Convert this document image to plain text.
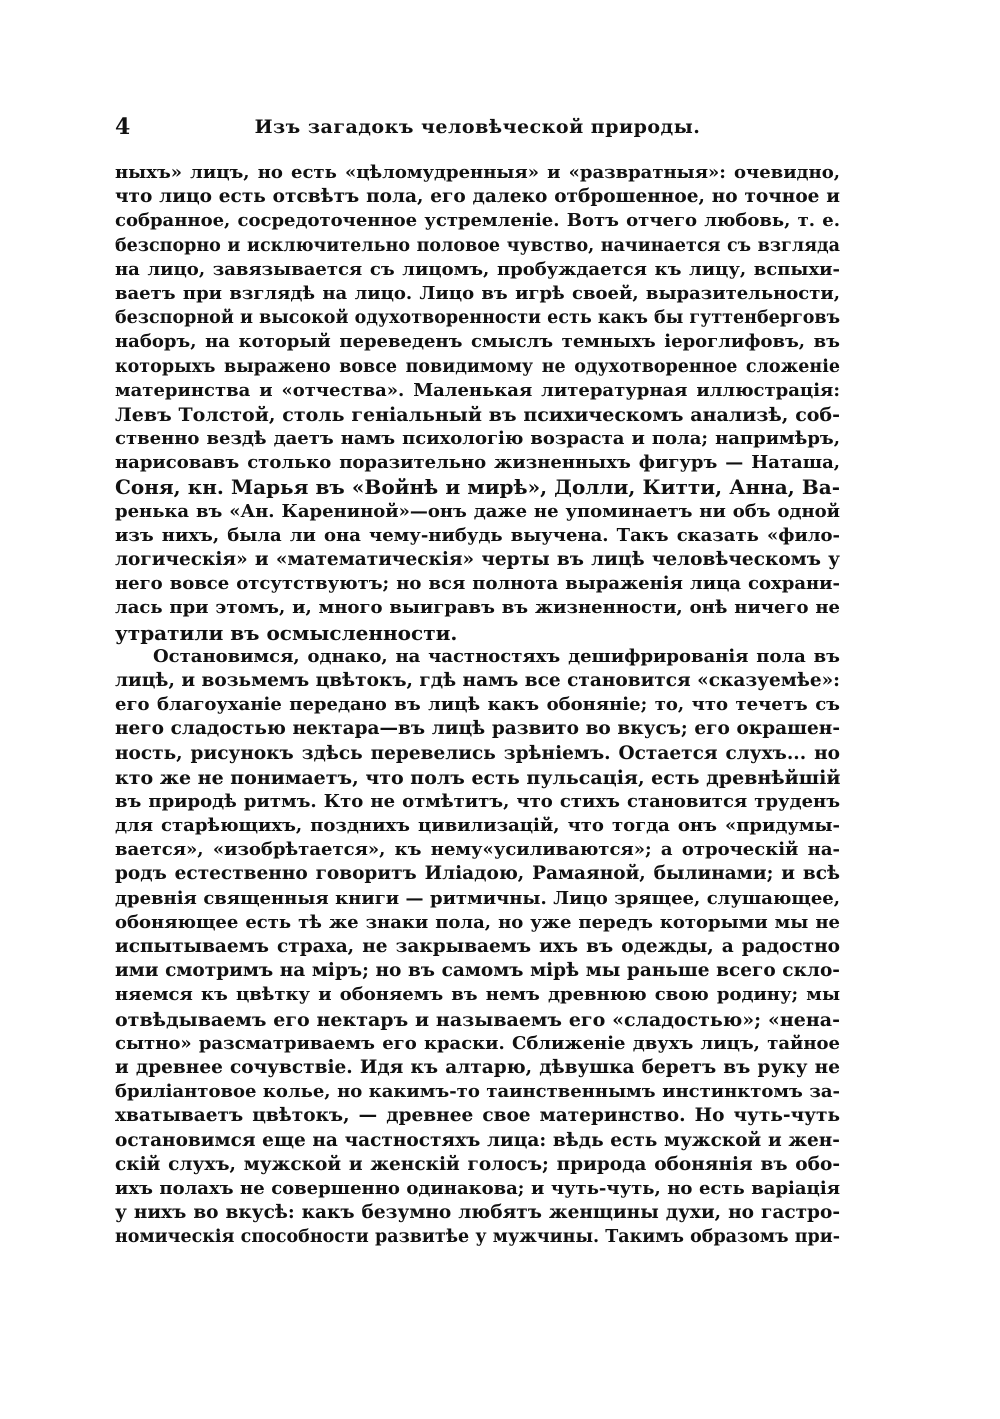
4	Изъ загадокъ человѣческой природы.
ныхъ» лицъ, но есть «цѣломудренныя» и «развратныя»: очевидно,
что лицо есть отсвѣтъ пола, его далеко отброшенное, но точное и
собранное, сосредоточенное устремленіе. Вотъ отчего любовь, т. е.
безспорно и исключительно половое чувство, начинается съ взгляда
на лицо, завязывается съ лицомъ, пробуждается къ лицу, вспыхи-
ваетъ при взглядѣ на лицо. Лицо въ игрѣ своей, выразительности,
безспорной и высокой одухотворенности есть какъ бы гуттенберговъ
наборъ, на который переведенъ смыслъ темныхъ іероглифовъ, въ
которыхъ выражено вовсе повидимому не одухотворенное сложеніе
материнства и «отчества». Маленькая литературная иллюстрація:
Левъ Толстой, столь геніальный въ психическомъ анализѣ, соб-
ственно вездѣ даетъ намъ психологію возраста и пола; напримѣръ,
нарисовавъ столько поразительно жизненныхъ фигуръ — Наташа,
Соня, кн. Марья въ «Войнѣ и мирѣ», Долли, Китти, Анна, Ва-
ренька въ «Ан. Карениной»—онъ даже не упоминаетъ ни объ одной
изъ нихъ, была ли она чему-нибудь выучена. Такъ сказать «фило-
логическія» и «математическія» черты въ лицѣ человѣческомъ у
него вовсе отсутствуютъ; но вся полнота выраженія лица сохрани-
лась при этомъ, и, много выигравъ въ жизненности, онѣ ничего не
утратили въ осмысленности.
Остановимся, однако, на частностяхъ дешифрированія пола въ
лицѣ, и возьмемъ цвѣтокъ, гдѣ намъ все становится «сказуемѣе»:
его благоуханіе передано въ лицѣ какъ обоняніе; то, что течетъ съ
него сладостью нектара—въ лицѣ развито во вкусъ; его окрашен-
ность, рисунокъ здѣсь перевелись зрѣніемъ. Остается слухъ... но
кто же не понимаетъ, что полъ есть пульсація, есть древнѣйшій
въ природѣ ритмъ. Кто не отмѣтитъ, что стихъ становится труденъ
для старѣющихъ, позднихъ цивилизацій, что тогда онъ «придумы-
вается», «изобрѣтается», къ нему«усиливаются»; а отроческій на-
родъ естественно говоритъ Иліадою, Рамаяной, былинами; и всѣ
древнія священныя книги — ритмичны. Лицо зрящее, слушающее,
обоняющее есть тѣ же знаки пола, но уже передъ которыми мы не
испытываемъ страха, не закрываемъ ихъ въ одежды, а радостно
ими смотримъ на міръ; но въ самомъ мірѣ мы раньше всего скло-
няемся къ цвѣтку и обоняемъ въ немъ древнюю свою родину; мы
отвѣдываемъ его нектаръ и называемъ его «сладостью»; «нена-
сытно» разсматриваемъ его краски. Сближеніе двухъ лицъ, тайное
и древнее сочувствіе. Идя къ алтарю, дѣвушка беретъ въ руку не
бриліантовое колье, но какимъ-то таинственнымъ инстинктомъ за-
хватываетъ цвѣтокъ, — древнее свое материнство. Но чуть-чуть
остановимся еще на частностяхъ лица: вѣдь есть мужской и жен-
скій слухъ, мужской и женскій голосъ; природа обонянія въ обо-
ихъ полахъ не совершенно одинакова; и чуть-чуть, но есть варіація
у нихъ во вкусѣ: какъ безумно любятъ женщины духи, но гастро-
номическія способности развитѣе у мужчины. Такимъ образомъ при-
